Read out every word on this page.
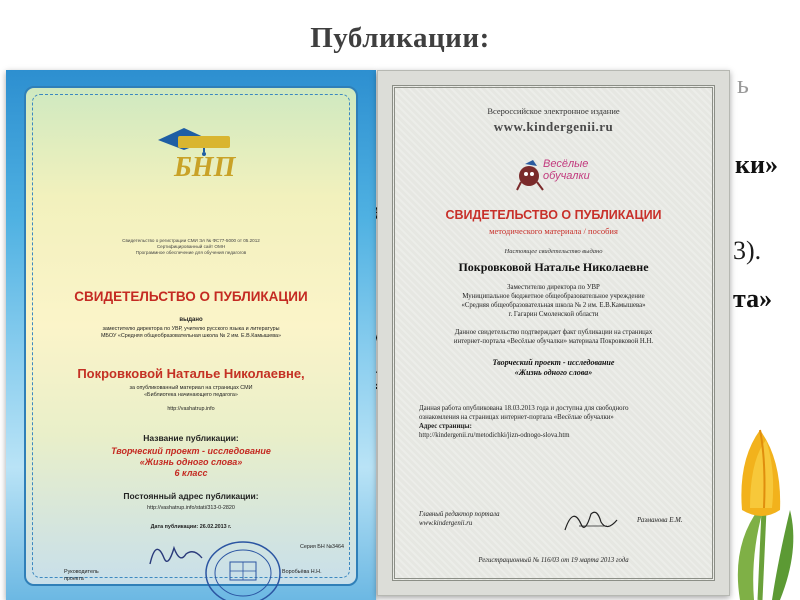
Публикации:
ь
ки»
3).
та»
БНП
Свидетельство о регистрации СМИ Эл № ФС77-5000 от 05.2012
Сертифицированный сайт ОМН
Программное обеспечение для обучения педагогов
СВИДЕТЕЛЬСТВО О ПУБЛИКАЦИИ
выдано
заместителю директора по УВР, учителю русского языка и литературы
МБОУ «Средняя общеобразовательная школа № 2 им. Е.В.Камышева»
Покровковой Наталье Николаевне,
за опубликованный материал на страницах СМИ
«Библиотека начинающего педагога»
http://vashatrup.info
Название публикации:
Творческий проект - исследование
«Жизнь одного слова»
6 класс
Постоянный адрес публикации:
http://vashatrup.info/stati/313-0-2820
Дата публикации: 26.02.2013 г.
Серия БН №3464
Руководитель проекта
Воробьёва Н.Н.
Всероссийское электронное издание
www.kindergenii.ru
Весёлые
обучалки
СВИДЕТЕЛЬСТВО О ПУБЛИКАЦИИ
методического материала / пособия
Настоящее свидетельство выдано
Покровковой Наталье Николаевне
Заместителю директора по УВР
Муниципальное бюджетное общеобразовательное учреждение
«Средняя общеобразовательная школа № 2 им. Е.В.Камышева»
г. Гагарин Смоленской области
Данное свидетельство подтверждает факт публикации на страницах
интернет-портала «Весёлые обучалки» материала Покровковой Н.Н.
Творческий проект - исследование
«Жизнь одного слова»
Данная работа опубликована 18.03.2013 года и доступна для свободного
ознакомления на страницах интернет-портала «Весёлые обучалки»
Адрес страницы:
http://kindergenii.ru/metodichki/jizn-odnogo-slova.htm
Главный редактор портала
www.kindergenii.ru	Разманова Е.М.
Регистрационный № 116/03 от 19 марта 2013 года
